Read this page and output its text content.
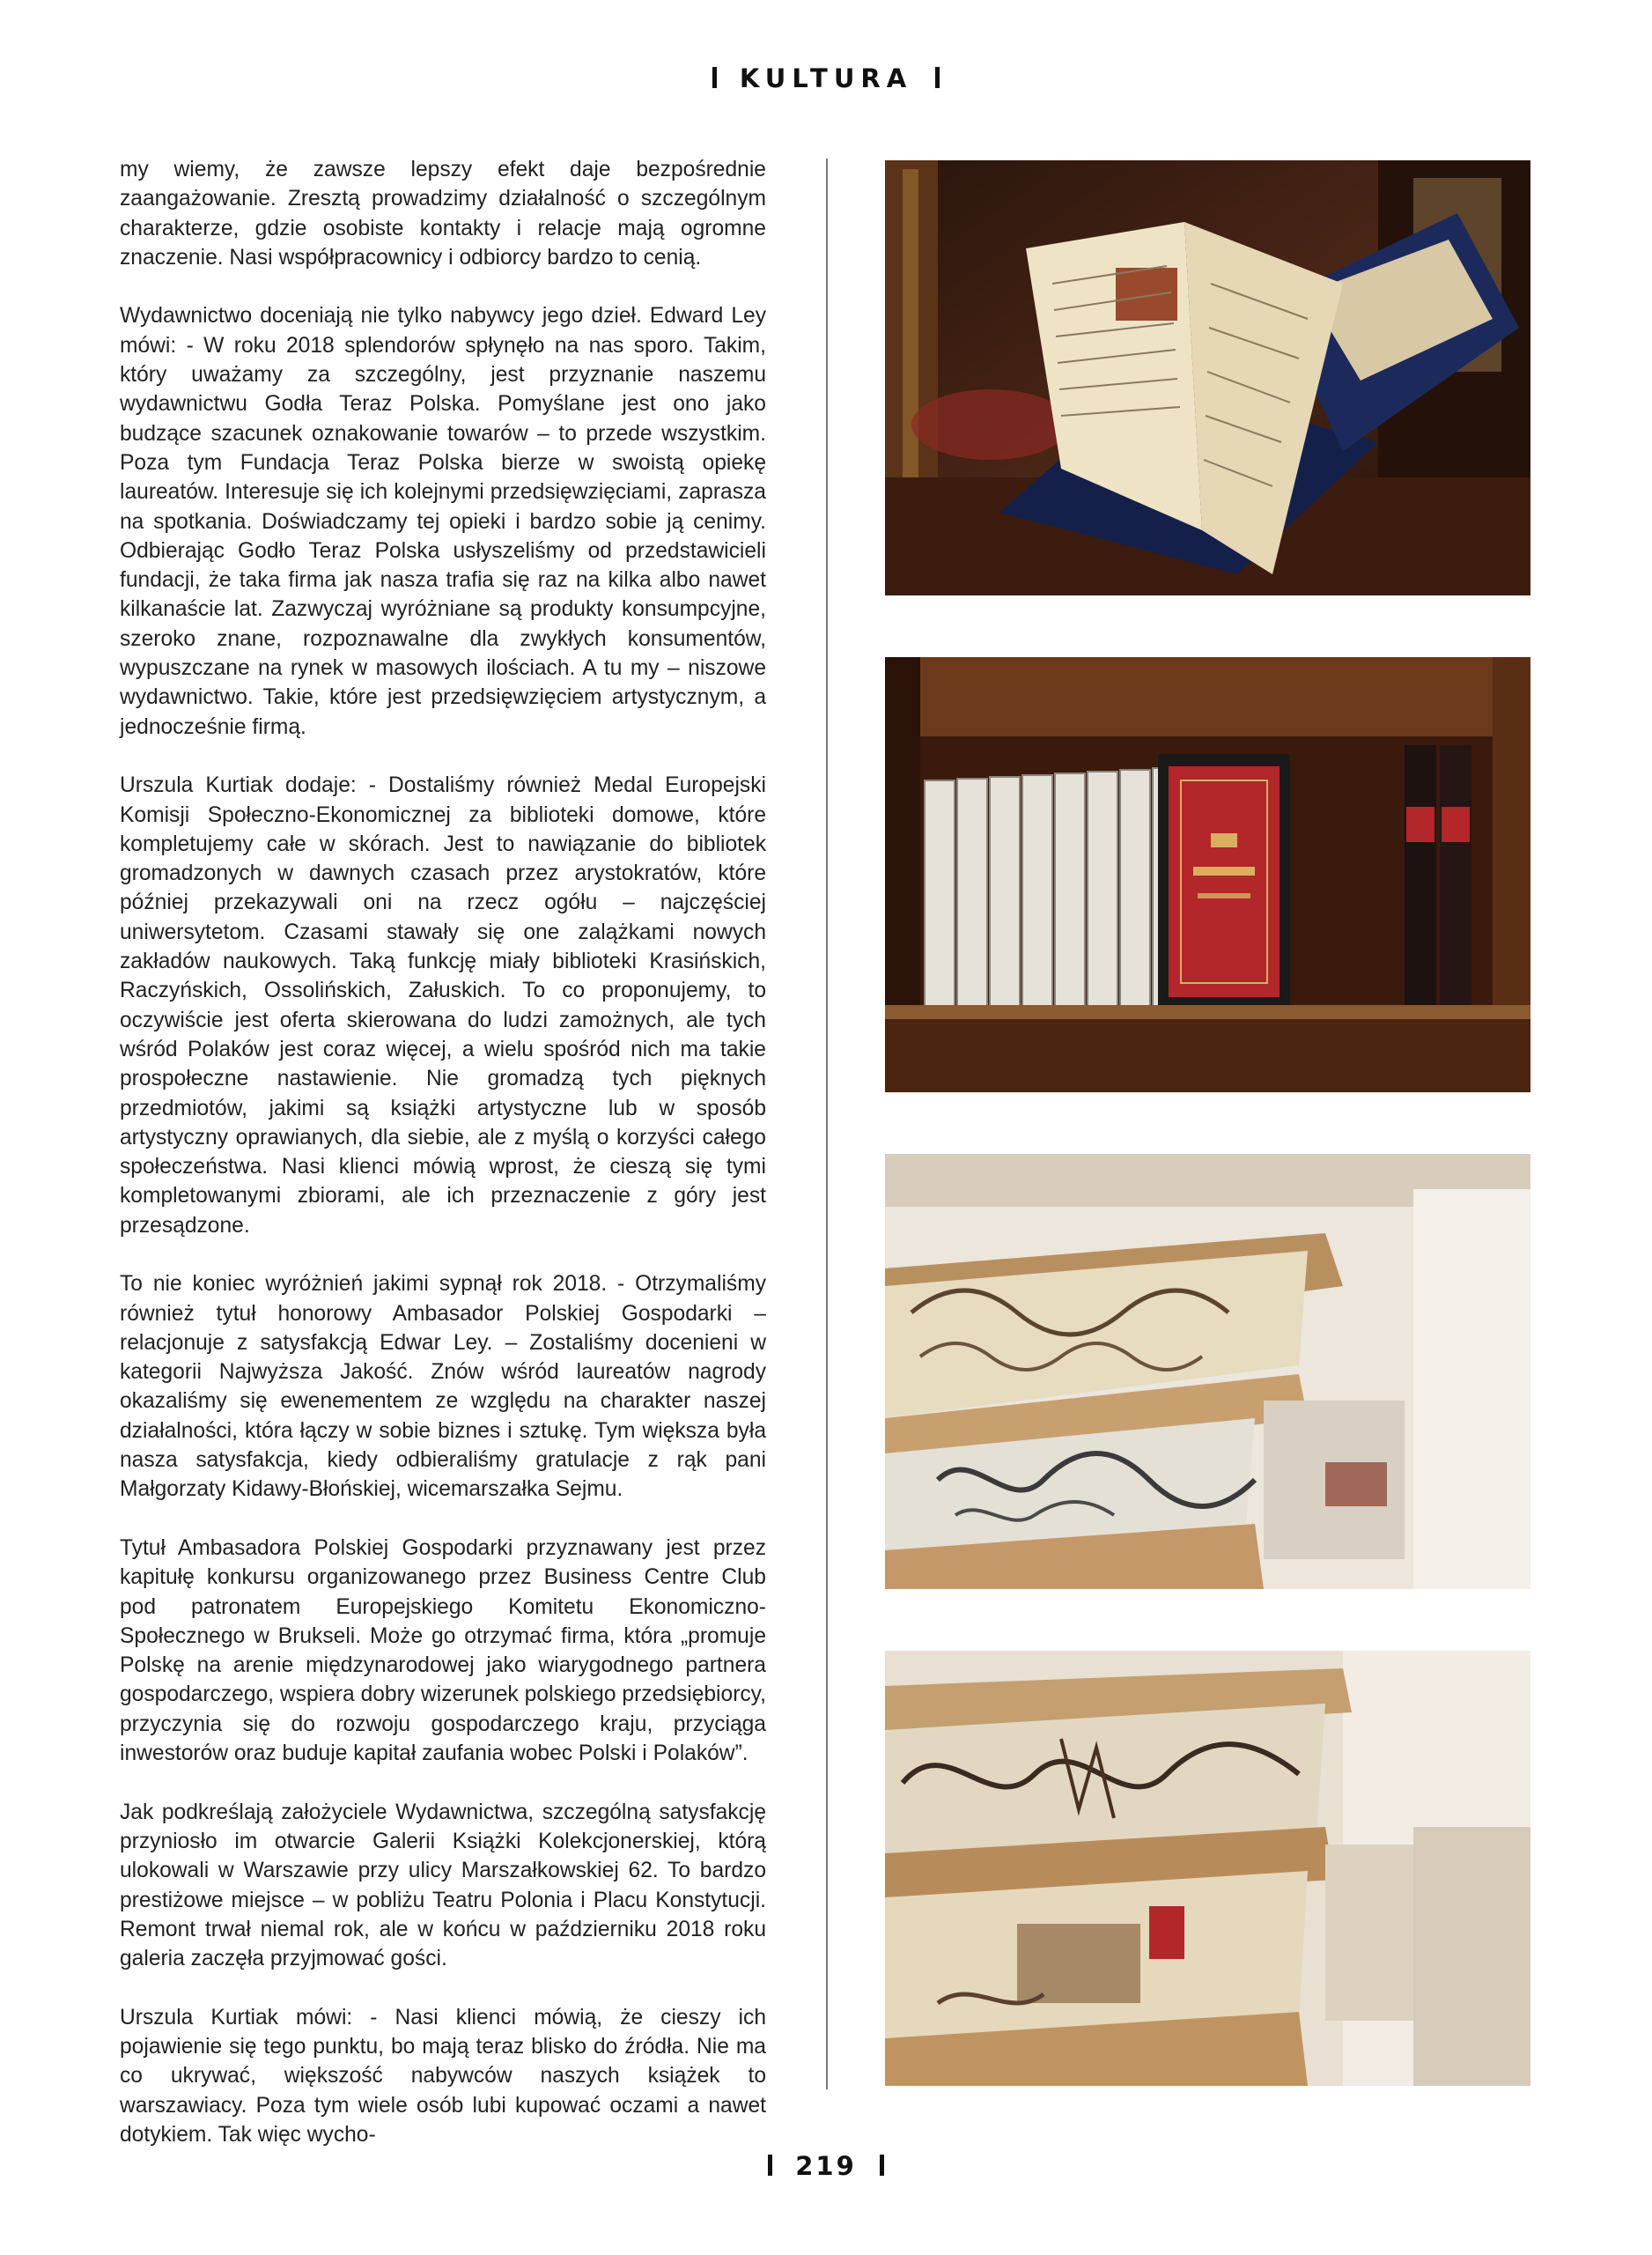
KULTURA

my wiemy, że zawsze lepszy efekt daje bezpośrednie zaangażowanie. Zresztą prowadzimy działalność o szczególnym charakterze, gdzie osobiste kontakty i relacje mają ogromne znaczenie. Nasi współpracownicy i odbiorcy bardzo to cenią.

Wydawnictwo doceniają nie tylko nabywcy jego dzieł. Edward Ley mówi: - W roku 2018 splendorów spłynęło na nas sporo. Takim, który uważamy za szczególny, jest przyznanie naszemu wydawnictwu Godła Teraz Polska. Pomyślane jest ono jako budzące szacunek oznakowanie towarów – to przede wszystkim. Poza tym Fundacja Teraz Polska bierze w swoistą opiekę laureatów. Interesuje się ich kolejnymi przedsięwzięciami, zaprasza na spotkania. Doświadczamy tej opieki i bardzo sobie ją cenimy. Odbierając Godło Teraz Polska usłyszeliśmy od przedstawicieli fundacji, że taka firma jak nasza trafia się raz na kilka albo nawet kilkanaście lat. Zazwyczaj wyróżniane są produkty konsumpcyjne, szeroko znane, rozpoznawalne dla zwykłych konsumentów, wypuszczane na rynek w masowych ilościach. A tu my – niszowe wydawnictwo. Takie, które jest przedsięwzięciem artystycznym, a jednocześnie firmą.

Urszula Kurtiak dodaje: - Dostaliśmy również Medal Europejski Komisji Społeczno-Ekonomicznej za biblioteki domowe, które kompletujemy całe w skórach. Jest to nawiązanie do bibliotek gromadzonych w dawnych czasach przez arystokratów, które później przekazywali oni na rzecz ogółu – najczęściej uniwersytetom. Czasami stawały się one zalążkami nowych zakładów naukowych. Taką funkcję miały biblioteki Krasińskich, Raczyńskich, Ossolińskich, Załuskich. To co proponujemy, to oczywiście jest oferta skierowana do ludzi zamożnych, ale tych wśród Polaków jest coraz więcej, a wielu spośród nich ma takie prospołeczne nastawienie. Nie gromadzą tych pięknych przedmiotów, jakimi są książki artystyczne lub w sposób artystyczny oprawianych, dla siebie, ale z myślą o korzyści całego społeczeństwa. Nasi klienci mówią wprost, że cieszą się tymi kompletowanymi zbiorami, ale ich przeznaczenie z góry jest przesądzone.

To nie koniec wyróżnień jakimi sypnął rok 2018. - Otrzymaliśmy również tytuł honorowy Ambasador Polskiej Gospodarki – relacjonuje z satysfakcją Edwar Ley. – Zostaliśmy docenieni w kategorii Najwyższa Jakość. Znów wśród laureatów nagrody okazaliśmy się ewenementem ze względu na charakter naszej działalności, która łączy w sobie biznes i sztukę. Tym większa była nasza satysfakcja, kiedy odbieraliśmy gratulacje z rąk pani Małgorzaty Kidawy-Błońskiej, wicemarszałka Sejmu.

Tytuł Ambasadora Polskiej Gospodarki przyznawany jest przez kapitułę konkursu organizowanego przez Business Centre Club pod patronatem Europejskiego Komitetu Ekonomiczno-Społecznego w Brukseli. Może go otrzymać firma, która „promuje Polskę na arenie międzynarodowej jako wiarygodnego partnera gospodarczego, wspiera dobry wizerunek polskiego przedsiębiorcy, przyczynia się do rozwoju gospodarczego kraju, przyciąga inwestorów oraz buduje kapitał zaufania wobec Polski i Polaków”.

Jak podkreślają założyciele Wydawnictwa, szczególną satysfakcję przyniosło im otwarcie Galerii Książki Kolekcjonerskiej, którą ulokowali w Warszawie przy ulicy Marszałkowskiej 62. To bardzo prestiżowe miejsce – w pobliżu Teatru Polonia i Placu Konstytucji. Remont trwał niemal rok, ale w końcu w październiku 2018 roku galeria zaczęła przyjmować gości.

Urszula Kurtiak mówi: - Nasi klienci mówią, że cieszy ich pojawienie się tego punktu, bo mają teraz blisko do źródła. Nie ma co ukrywać, większość nabywców naszych książek to warszawiacy. Poza tym wiele osób lubi kupować oczami a nawet dotykiem. Tak więc wycho-

219
